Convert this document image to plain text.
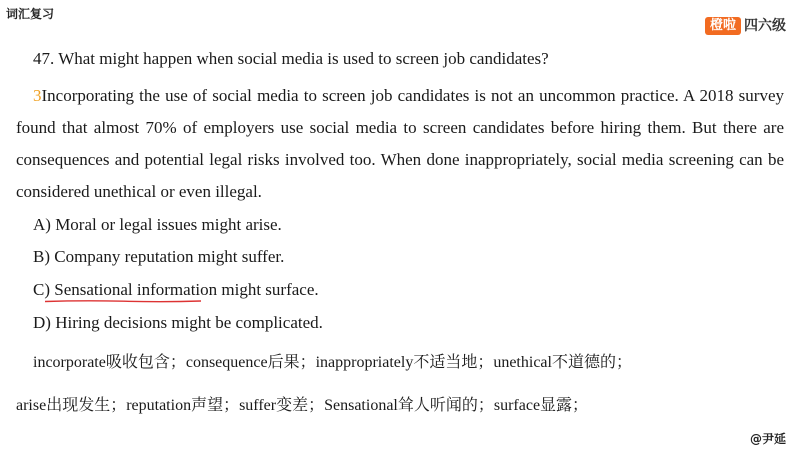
词汇复习
橙啦 四六级
47. What might happen when social media is used to screen job candidates?
3Incorporating the use of social media to screen job candidates is not an uncommon practice. A 2018 survey found that almost 70% of employers use social media to screen candidates before hiring them. But there are consequences and potential legal risks involved too. When done inappropriately, social media screening can be considered unethical or even illegal.
A) Moral or legal issues might arise.
B) Company reputation might suffer.
C) Sensational information might surface.
D) Hiring decisions might be complicated.
incorporate吸收包含；consequence后果；inappropriately不适当地；unethical不道德的；
arise出现发生；reputation声望；suffer变差；Sensational耸人听闻的；surface显露；
@尹延
